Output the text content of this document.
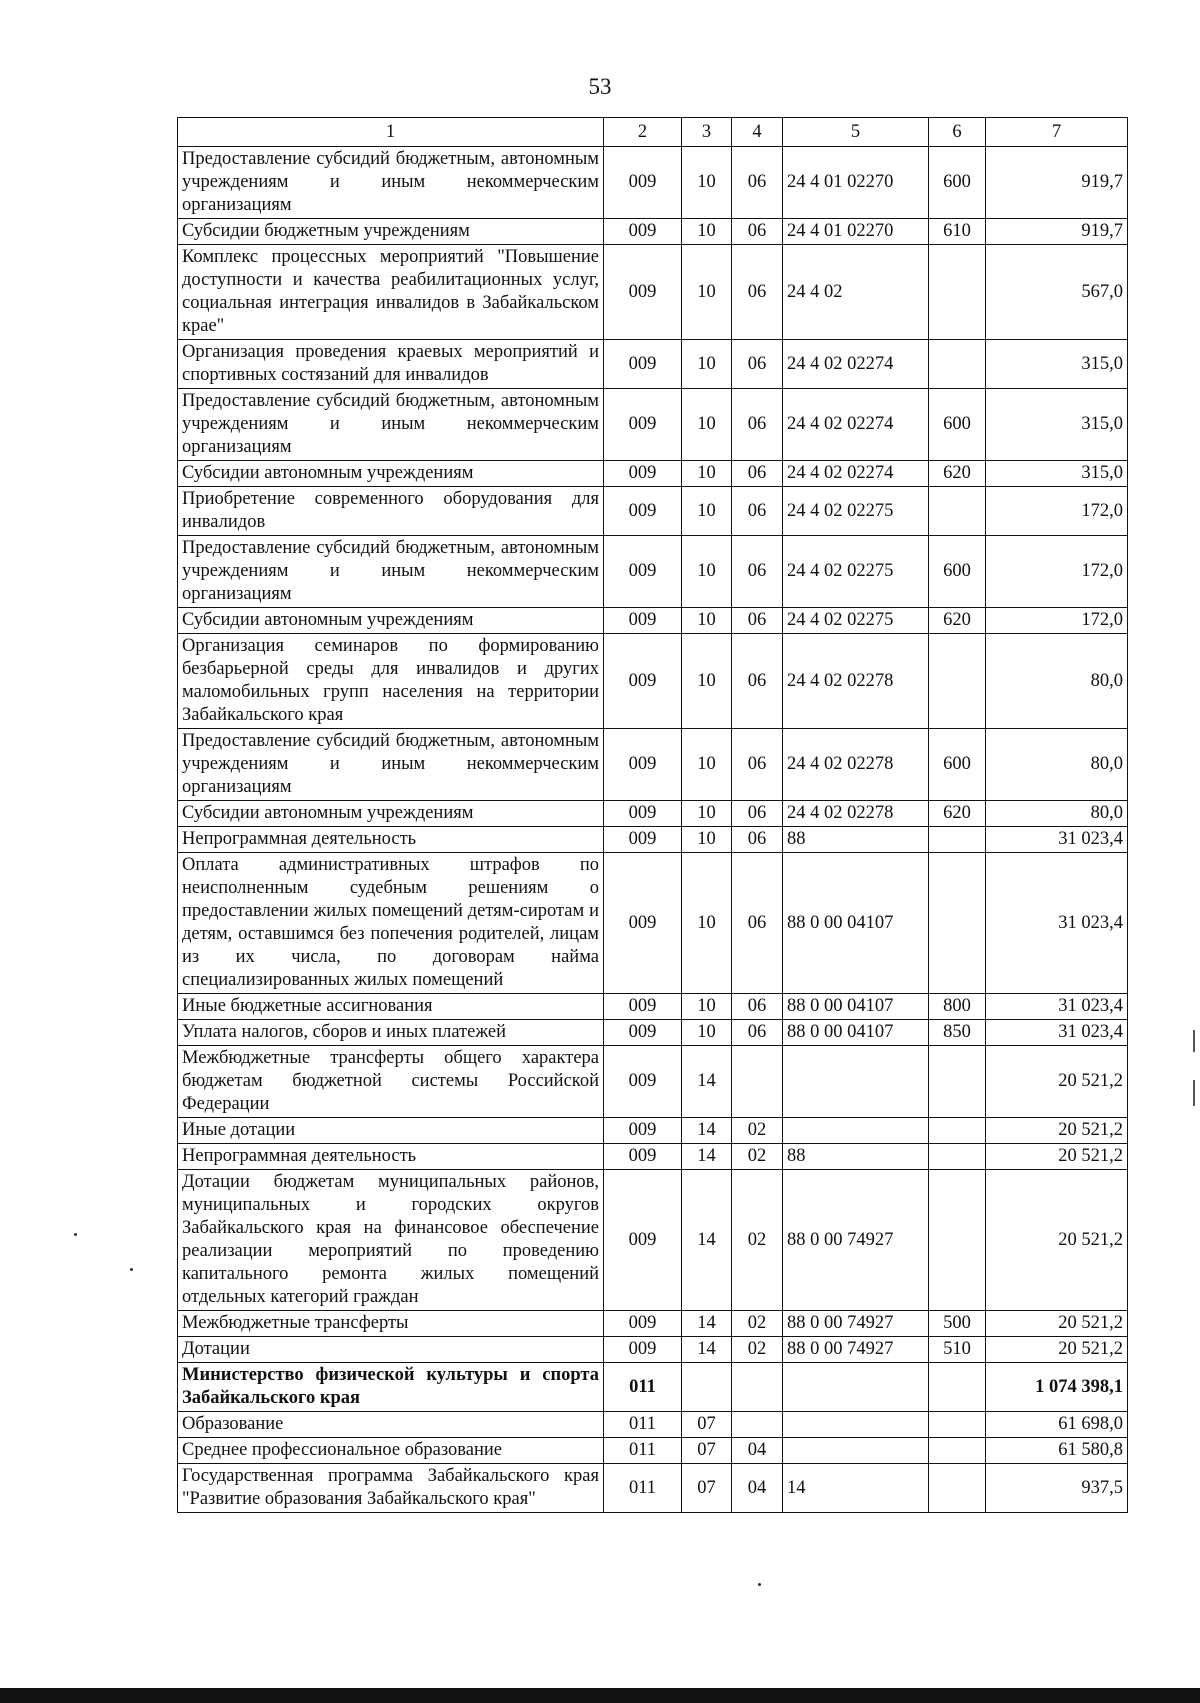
53
1	2	3	4	5	6	7
Предоставление субсидий бюджетным, автономным учреждениям и иным некоммерческим организациям	009	10	06	24 4 01 02270	600	919,7
Субсидии бюджетным учреждениям	009	10	06	24 4 01 02270	610	919,7
Комплекс процессных мероприятий "Повышение доступности и качества реабилитационных услуг, социальная интеграция инвалидов в Забайкальском крае"	009	10	06	24 4 02		567,0
Организация проведения краевых мероприятий и спортивных состязаний для инвалидов	009	10	06	24 4 02 02274		315,0
Предоставление субсидий бюджетным, автономным учреждениям и иным некоммерческим организациям	009	10	06	24 4 02 02274	600	315,0
Субсидии автономным учреждениям	009	10	06	24 4 02 02274	620	315,0
Приобретение современного оборудования для инвалидов	009	10	06	24 4 02 02275		172,0
Предоставление субсидий бюджетным, автономным учреждениям и иным некоммерческим организациям	009	10	06	24 4 02 02275	600	172,0
Субсидии автономным учреждениям	009	10	06	24 4 02 02275	620	172,0
Организация семинаров по формированию безбарьерной среды для инвалидов и других маломобильных групп населения на территории Забайкальского края	009	10	06	24 4 02 02278		80,0
Предоставление субсидий бюджетным, автономным учреждениям и иным некоммерческим организациям	009	10	06	24 4 02 02278	600	80,0
Субсидии автономным учреждениям	009	10	06	24 4 02 02278	620	80,0
Непрограммная деятельность	009	10	06	88		31 023,4
Оплата административных штрафов по неисполненным судебным решениям о предоставлении жилых помещений детям-сиротам и детям, оставшимся без попечения родителей, лицам из их числа, по договорам найма специализированных жилых помещений	009	10	06	88 0 00 04107		31 023,4
Иные бюджетные ассигнования	009	10	06	88 0 00 04107	800	31 023,4
Уплата налогов, сборов и иных платежей	009	10	06	88 0 00 04107	850	31 023,4
Межбюджетные трансферты общего характера бюджетам бюджетной системы Российской Федерации	009	14				20 521,2
Иные дотации	009	14	02			20 521,2
Непрограммная деятельность	009	14	02	88		20 521,2
Дотации бюджетам муниципальных районов, муниципальных и городских округов Забайкальского края на финансовое обеспечение реализации мероприятий по проведению капитального ремонта жилых помещений отдельных категорий граждан	009	14	02	88 0 00 74927		20 521,2
Межбюджетные трансферты	009	14	02	88 0 00 74927	500	20 521,2
Дотации	009	14	02	88 0 00 74927	510	20 521,2
Министерство физической культуры и спорта Забайкальского края	011					1 074 398,1
Образование	011	07				61 698,0
Среднее профессиональное образование	011	07	04			61 580,8
Государственная программа Забайкальского края "Развитие образования Забайкальского края"	011	07	04	14		937,5
